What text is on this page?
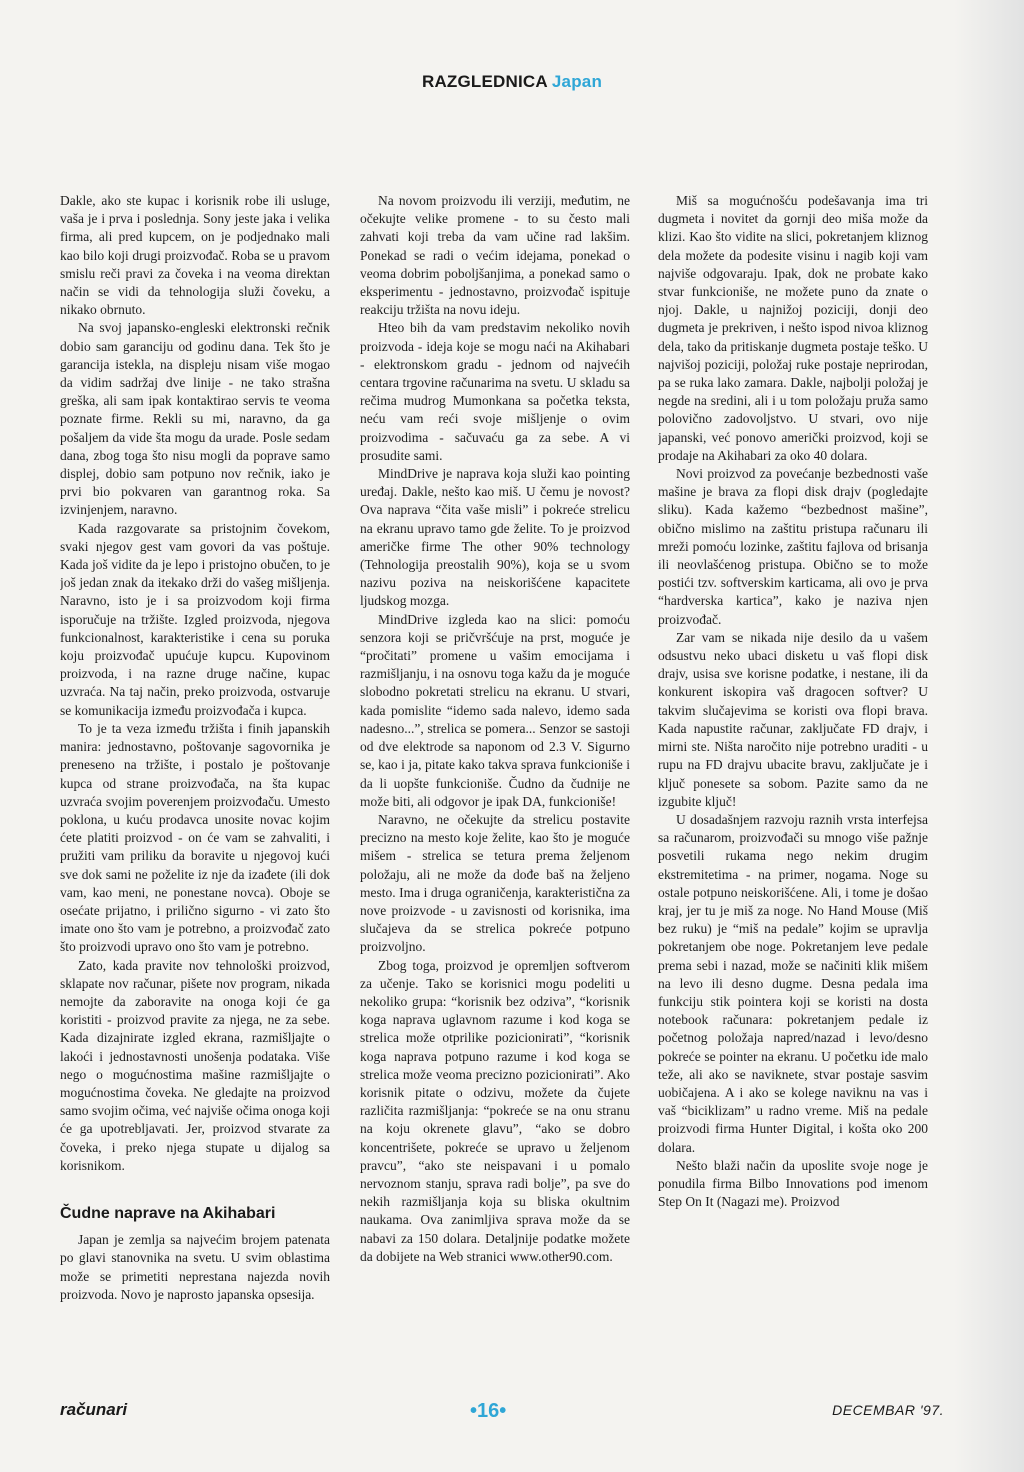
RAZGLEDNICA Japan

Dakle, ako ste kupac i korisnik robe ili usluge, vaša je i prva i poslednja. Sony jeste jaka i velika firma, ali pred kupcem, on je podjednako mali kao bilo koji drugi proizvođač. Roba se u pravom smislu reči pravi za čoveka i na veoma direktan način se vidi da tehnologija služi čoveku, a nikako obrnuto.

Na svoj japansko-engleski elektronski rečnik dobio sam garanciju od godinu dana. Tek što je garancija istekla, na displeju nisam više mogao da vidim sadržaj dve linije - ne tako strašna greška, ali sam ipak kontaktirao servis te veoma poznate firme. Rekli su mi, naravno, da ga pošaljem da vide šta mogu da urade. Posle sedam dana, zbog toga što nisu mogli da poprave samo displej, dobio sam potpuno nov rečnik, iako je prvi bio pokvaren van garantnog roka. Sa izvinjenjem, naravno.

Kada razgovarate sa pristojnim čovekom, svaki njegov gest vam govori da vas poštuje. Kada još vidite da je lepo i pristojno obučen, to je još jedan znak da itekako drži do vašeg mišljenja. Naravno, isto je i sa proizvodom koji firma isporučuje na tržište. Izgled proizvoda, njegova funkcionalnost, karakteristike i cena su poruka koju proizvođač upućuje kupcu. Kupovinom proizvoda, i na razne druge načine, kupac uzvraća. Na taj način, preko proizvoda, ostvaruje se komunikacija između proizvođača i kupca.

To je ta veza između tržišta i finih japanskih manira: jednostavno, poštovanje sagovornika je preneseno na tržište, i postalo je poštovanje kupca od strane proizvođača, na šta kupac uzvraća svojim poverenjem proizvođaču. Umesto poklona, u kuću prodavca unosite novac kojim ćete platiti proizvod - on će vam se zahvaliti, i pružiti vam priliku da boravite u njegovoj kući sve dok sami ne poželite iz nje da izađete (ili dok vam, kao meni, ne ponestane novca). Oboje se osećate prijatno, i prilično sigurno - vi zato što imate ono što vam je potrebno, a proizvođač zato što proizvodi upravo ono što vam je potrebno.

Zato, kada pravite nov tehnološki proizvod, sklapate nov računar, pišete nov program, nikada nemojte da zaboravite na onoga koji će ga koristiti - proizvod pravite za njega, ne za sebe. Kada dizajnirate izgled ekrana, razmišljajte o lakoći i jednostavnosti unošenja podataka. Više nego o mogućnostima mašine razmišljajte o mogućnostima čoveka. Ne gledajte na proizvod samo svojim očima, već najviše očima onoga koji će ga upotrebljavati. Jer, proizvod stvarate za čoveka, i preko njega stupate u dijalog sa korisnikom.

Čudne naprave na Akihabari

Japan je zemlja sa najvećim brojem patenata po glavi stanovnika na svetu. U svim oblastima može se primetiti neprestana najezda novih proizvoda. Novo je naprosto japanska opsesija.

Na novom proizvodu ili verziji, međutim, ne očekujte velike promene - to su često mali zahvati koji treba da vam učine rad lakšim. Ponekad se radi o većim idejama, ponekad o veoma dobrim poboljšanjima, a ponekad samo o eksperimentu - jednostavno, proizvođač ispituje reakciju tržišta na novu ideju.

Hteo bih da vam predstavim nekoliko novih proizvoda - ideja koje se mogu naći na Akihabari - elektronskom gradu - jednom od najvećih centara trgovine računarima na svetu. U skladu sa rečima mudrog Mumonkana sa početka teksta, neću vam reći svoje mišljenje o ovim proizvodima - sačuvaću ga za sebe. A vi prosudite sami.

MindDrive je naprava koja služi kao pointing uređaj. Dakle, nešto kao miš. U čemu je novost? Ova naprava “čita vaše misli” i pokreće strelicu na ekranu upravo tamo gde želite. To je proizvod američke firme The other 90% technology (Tehnologija preostalih 90%), koja se u svom nazivu poziva na neiskorišćene kapacitete ljudskog mozga.

MindDrive izgleda kao na slici: pomoću senzora koji se pričvršćuje na prst, moguće je “pročitati” promene u vašim emocijama i razmišljanju, i na osnovu toga kažu da je moguće slobodno pokretati strelicu na ekranu. U stvari, kada pomislite “idemo sada nalevo, idemo sada nadesno...”, strelica se pomera... Senzor se sastoji od dve elektrode sa naponom od 2.3 V. Sigurno se, kao i ja, pitate kako takva sprava funkcioniše i da li uopšte funkcioniše. Čudno da čudnije ne može biti, ali odgovor je ipak DA, funkcioniše!

Naravno, ne očekujte da strelicu postavite precizno na mesto koje želite, kao što je moguće mišem - strelica se tetura prema željenom položaju, ali ne može da dođe baš na željeno mesto. Ima i druga ograničenja, karakteristična za nove proizvode - u zavisnosti od korisnika, ima slučajeva da se strelica pokreće potpuno proizvoljno.

Zbog toga, proizvod je opremljen softverom za učenje. Tako se korisnici mogu podeliti u nekoliko grupa: “korisnik bez odziva”, “korisnik koga naprava uglavnom razume i kod koga se strelica može otprilike pozicionirati”, “korisnik koga naprava potpuno razume i kod koga se strelica može veoma precizno pozicionirati”. Ako korisnik pitate o odzivu, možete da čujete različita razmišljanja: “pokreće se na onu stranu na koju okrenete glavu”, “ako se dobro koncentrišete, pokreće se upravo u željenom pravcu”, “ako ste neispavani i u pomalo nervoznom stanju, sprava radi bolje”, pa sve do nekih razmišljanja koja su bliska okultnim naukama. Ova zanimljiva sprava može da se nabavi za 150 dolara. Detaljnije podatke možete da dobijete na Web stranici www.other90.com.

Miš sa mogućnošću podešavanja ima tri dugmeta i novitet da gornji deo miša može da klizi. Kao što vidite na slici, pokretanjem kliznog dela možete da podesite visinu i nagib koji vam najviše odgovaraju. Ipak, dok ne probate kako stvar funkcioniše, ne možete puno da znate o njoj. Dakle, u najnižoj poziciji, donji deo dugmeta je prekriven, i nešto ispod nivoa kliznog dela, tako da pritiskanje dugmeta postaje teško. U najvišoj poziciji, položaj ruke postaje neprirodan, pa se ruka lako zamara. Dakle, najbolji položaj je negde na sredini, ali i u tom položaju pruža samo polovično zadovoljstvo. U stvari, ovo nije japanski, već ponovo američki proizvod, koji se prodaje na Akihabari za oko 40 dolara.

Novi proizvod za povećanje bezbednosti vaše mašine je brava za flopi disk drajv (pogledajte sliku). Kada kažemo “bezbednost mašine”, obično mislimo na zaštitu pristupa računaru ili mreži pomoću lozinke, zaštitu fajlova od brisanja ili neovlašćenog pristupa. Obično se to može postići tzv. softverskim karticama, ali ovo je prva “hardverska kartica”, kako je naziva njen proizvođač.

Zar vam se nikada nije desilo da u vašem odsustvu neko ubaci disketu u vaš flopi disk drajv, usisa sve korisne podatke, i nestane, ili da konkurent iskopira vaš dragocen softver? U takvim slučajevima se koristi ova flopi brava. Kada napustite računar, zaključate FD drajv, i mirni ste. Ništa naročito nije potrebno uraditi - u rupu na FD drajvu ubacite bravu, zaključate je i ključ ponesete sa sobom. Pazite samo da ne izgubite ključ!

U dosadašnjem razvoju raznih vrsta interfejsa sa računarom, proizvođači su mnogo više pažnje posvetili rukama nego nekim drugim ekstremitetima - na primer, nogama. Noge su ostale potpuno neiskorišćene. Ali, i tome je došao kraj, jer tu je miš za noge. No Hand Mouse (Miš bez ruku) je “miš na pedale” kojim se upravlja pokretanjem obe noge. Pokretanjem leve pedale prema sebi i nazad, može se načiniti klik mišem na levo ili desno dugme. Desna pedala ima funkciju stik pointera koji se koristi na dosta notebook računara: pokretanjem pedale iz početnog položaja napred/nazad i levo/desno pokreće se pointer na ekranu. U početku ide malo teže, ali ako se naviknete, stvar postaje sasvim uobičajena. A i ako se kolege naviknu na vas i vaš “biciklizam” u radno vreme. Miš na pedale proizvodi firma Hunter Digital, i košta oko 200 dolara.

Nešto blaži način da uposlite svoje noge je ponudila firma Bilbo Innovations pod imenom Step On It (Nagazi me). Proizvod

računari	•16•	DECEMBAR '97.
